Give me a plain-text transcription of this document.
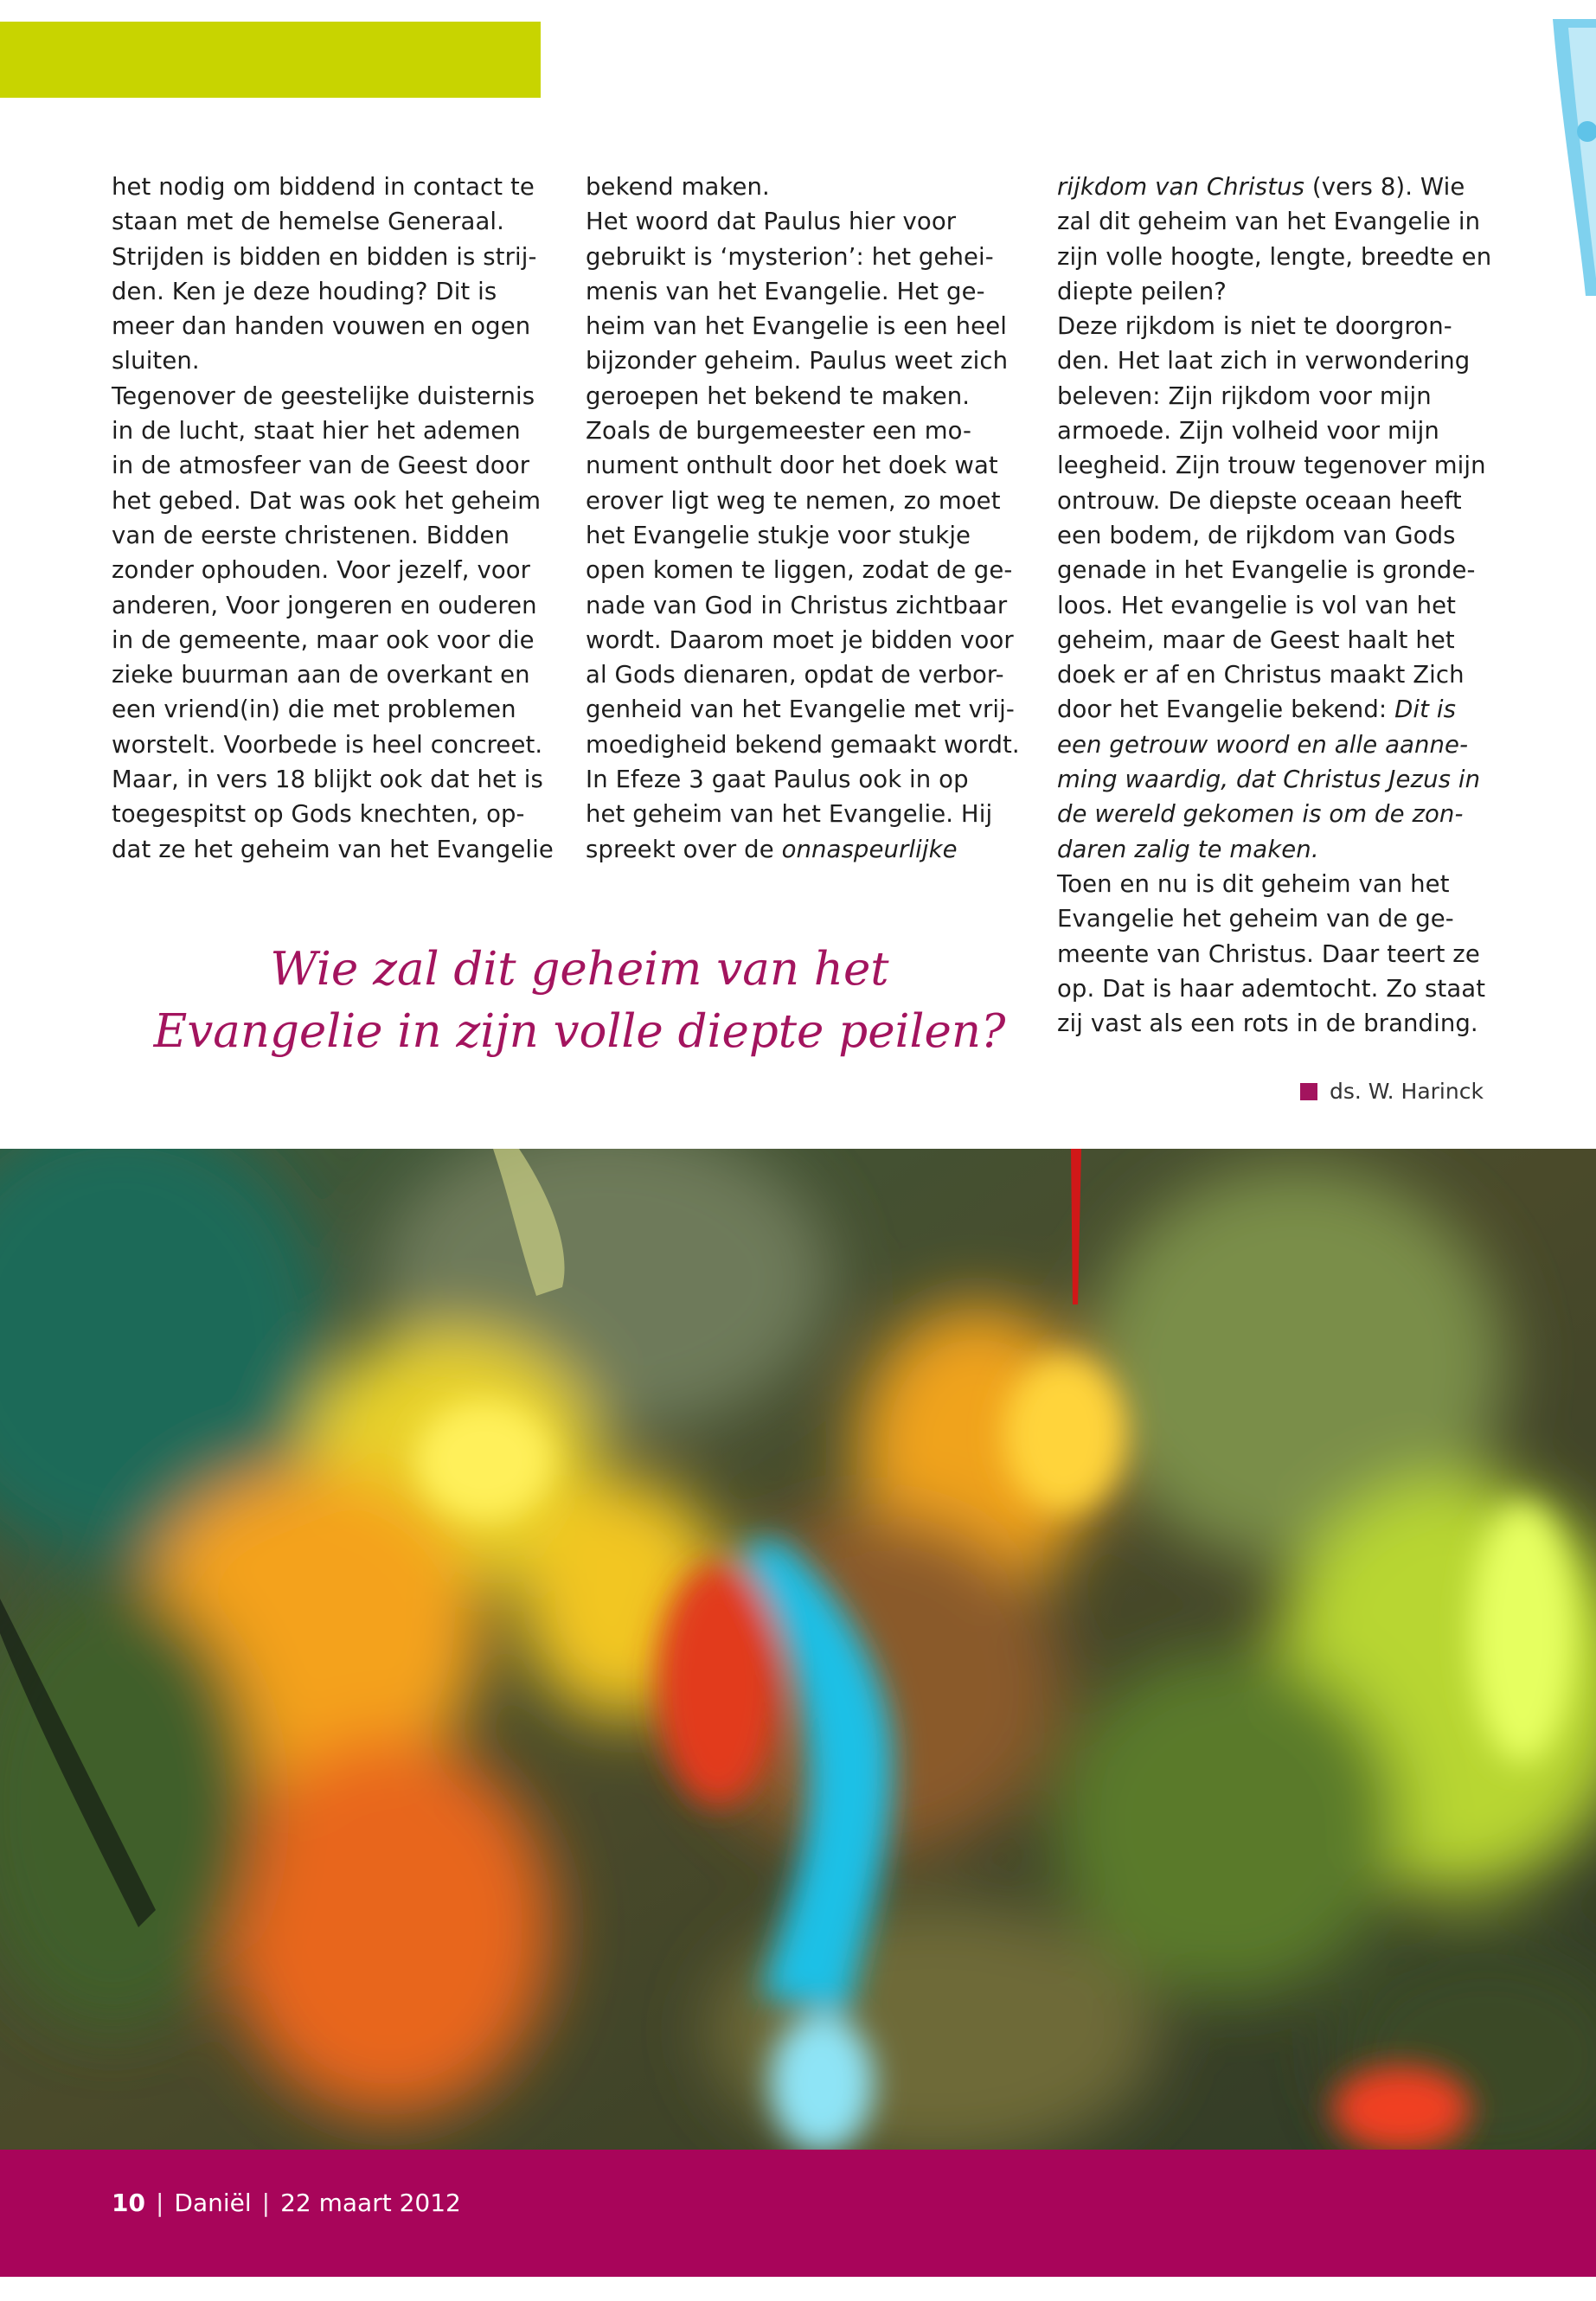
het nodig om biddend in contact te

staan met de hemelse Generaal.

Strijden is bidden en bidden is strij-

den. Ken je deze houding? Dit is

meer dan handen vouwen en ogen

sluiten.

Tegenover de geestelijke duisternis

in de lucht, staat hier het ademen

in de atmosfeer van de Geest door

het gebed. Dat was ook het geheim

van de eerste christenen. Bidden

zonder ophouden. Voor jezelf, voor

anderen, Voor jongeren en ouderen

in de gemeente, maar ook voor die

zieke buurman aan de overkant en

een vriend(in) die met problemen

worstelt. Voorbede is heel concreet.

Maar, in vers 18 blijkt ook dat het is

toegespitst op Gods knechten, op-

dat ze het geheim van het Evangelie

bekend maken.

Het woord dat Paulus hier voor

gebruikt is ‘mysterion’: het gehei-

menis van het Evangelie. Het ge-

heim van het Evangelie is een heel

bijzonder geheim. Paulus weet zich

geroepen het bekend te maken.

Zoals de burgemeester een mo-

nument onthult door het doek wat

erover ligt weg te nemen, zo moet

het Evangelie stukje voor stukje

open komen te liggen, zodat de ge-

nade van God in Christus zichtbaar

wordt. Daarom moet je bidden voor

al Gods dienaren, opdat de verbor-

genheid van het Evangelie met vrij-

moedigheid bekend gemaakt wordt.

In Efeze 3 gaat Paulus ook in op

het geheim van het Evangelie. Hij

spreekt over de onnaspeurlijke

rijkdom van Christus (vers 8). Wie

zal dit geheim van het Evangelie in

zijn volle hoogte, lengte, breedte en

diepte peilen?

Deze rijkdom is niet te doorgron-

den. Het laat zich in verwondering

beleven: Zijn rijkdom voor mijn

armoede. Zijn volheid voor mijn

leegheid. Zijn trouw tegenover mijn

ontrouw. De diepste oceaan heeft

een bodem, de rijkdom van Gods

genade in het Evangelie is gronde-

loos. Het evangelie is vol van het

geheim, maar de Geest haalt het

doek er af en Christus maakt Zich

door het Evangelie bekend: Dit is

een getrouw woord en alle aanne-

ming waardig, dat Christus Jezus in

de wereld gekomen is om de zon-

daren zalig te maken.

Toen en nu is dit geheim van het

Evangelie het geheim van de ge-

meente van Christus. Daar teert ze

op. Dat is haar ademtocht. Zo staat

zij vast als een rots in de branding.

Wie zal dit geheim van het
Evangelie in zijn volle diepte peilen?
ds. W. Harinck
10 | Daniël | 22 maart 2012
